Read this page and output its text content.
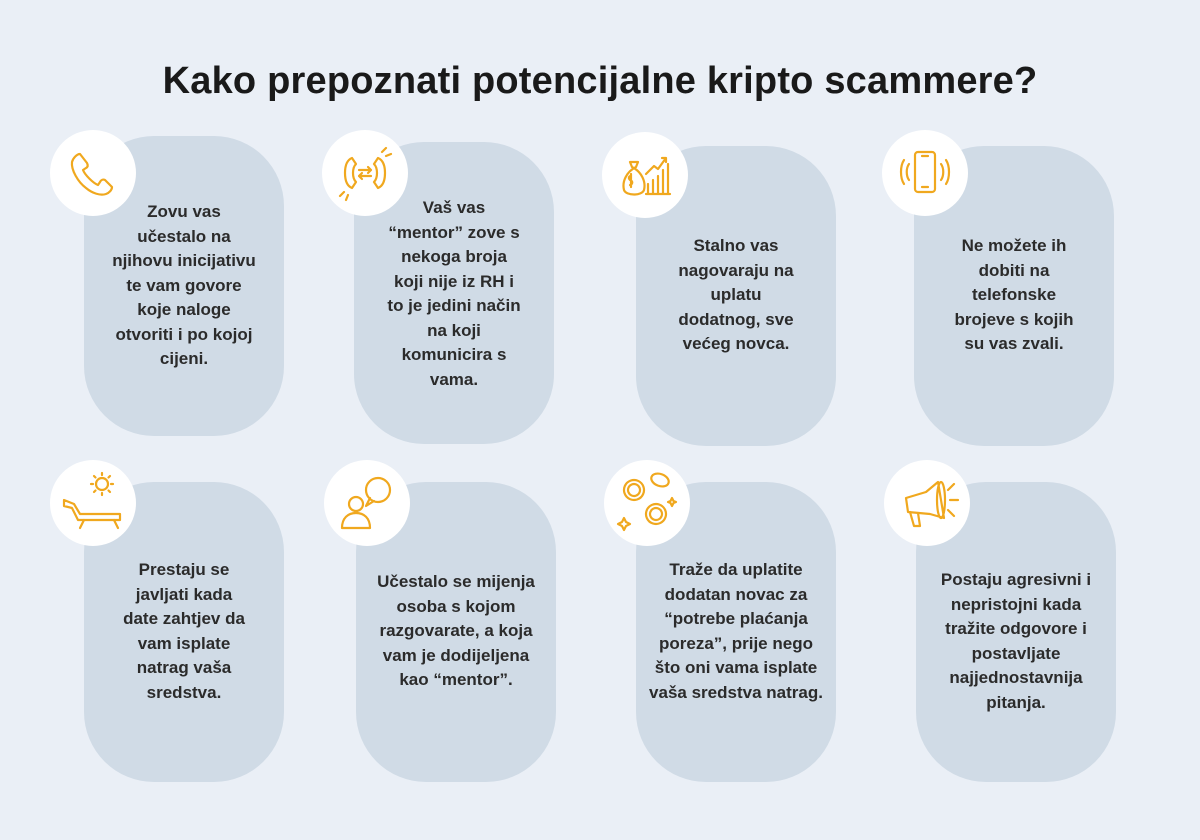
Kako prepoznati potencijalne kripto scammere?
Zovu vas
učestalo na
njihovu inicijativu
te vam govore
koje naloge
otvoriti i po kojoj
cijeni.
Vaš vas
“mentor” zove s
nekoga broja
koji nije iz RH i
to je jedini način
na koji
komunicira s
vama.
Stalno vas
nagovaraju na
uplatu
dodatnog, sve
većeg novca.
Ne možete ih
dobiti na
telefonske
brojeve s kojih
su vas zvali.
Prestaju se
javljati kada
date zahtjev da
vam isplate
natrag vaša
sredstva.
Učestalo se mijenja
osoba s kojom
razgovarate, a koja
vam je dodijeljena
kao “mentor”.
Traže da uplatite
dodatan novac za
“potrebe plaćanja
poreza”, prije nego
što oni vama isplate
vaša sredstva natrag.
Postaju agresivni i
nepristojni kada
tražite odgovore i
postavljate
najjednostavnija
pitanja.
